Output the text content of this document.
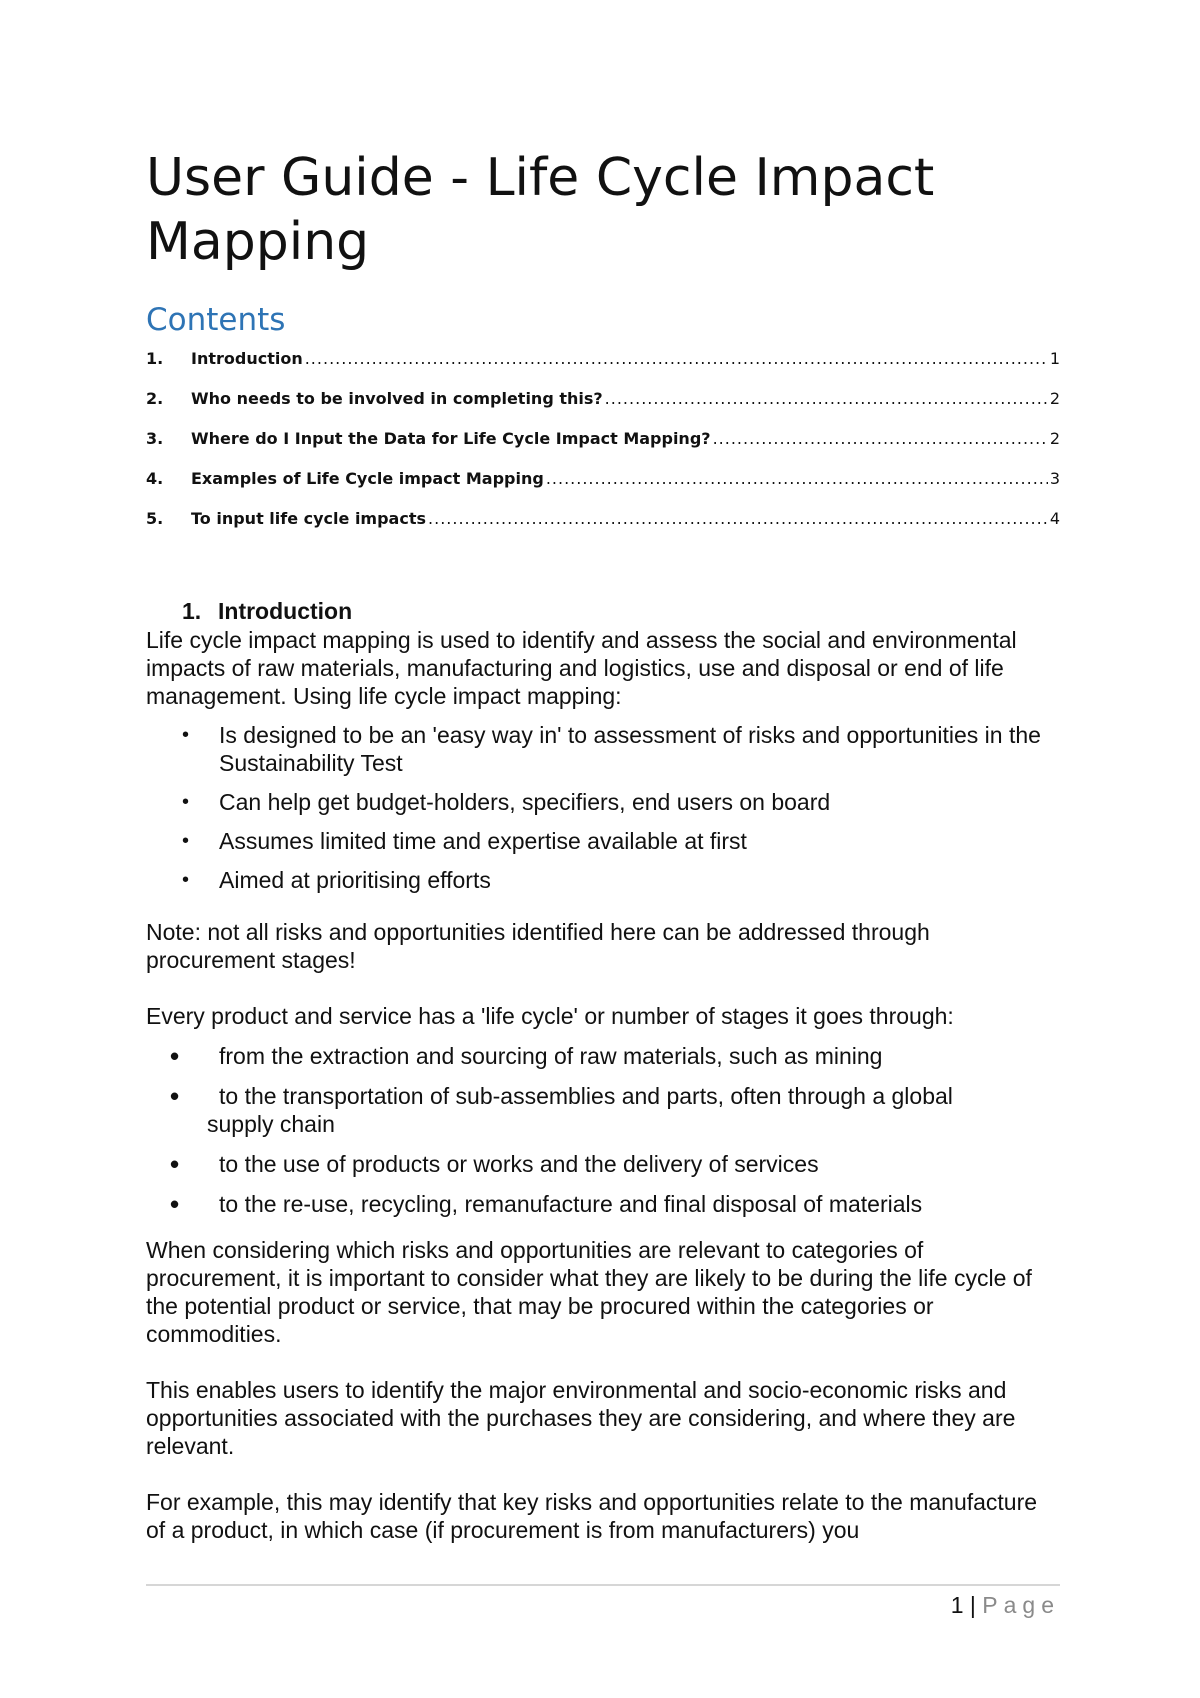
User Guide - Life Cycle Impact Mapping
Contents
1.	Introduction .....	1
2.	Who needs to be involved in completing this? .....	2
3.	Where do I Input the Data for Life Cycle Impact Mapping? .....	2
4.	Examples of Life Cycle impact Mapping .....	3
5.	To input life cycle impacts .....	4
1. Introduction

Life cycle impact mapping is used to identify and assess the social and environmental impacts of raw materials, manufacturing and logistics, use and disposal or end of life management. Using life cycle impact mapping:

• Is designed to be an 'easy way in' to assessment of risks and opportunities in the Sustainability Test
• Can help get budget-holders, specifiers, end users on board
• Assumes limited time and expertise available at first
• Aimed at prioritising efforts

Note: not all risks and opportunities identified here can be addressed through procurement stages!

Every product and service has a 'life cycle' or number of stages it goes through:

• from the extraction and sourcing of raw materials, such as mining
• to the transportation of sub-assemblies and parts, often through a global
supply chain
• to the use of products or works and the delivery of services
• to the re-use, recycling, remanufacture and final disposal of materials

When considering which risks and opportunities are relevant to categories of procurement, it is important to consider what they are likely to be during the life cycle of the potential product or service, that may be procured within the categories or commodities.

This enables users to identify the major environmental and socio-economic risks and opportunities associated with the purchases they are considering, and where they are relevant.

For example, this may identify that key risks and opportunities relate to the manufacture of a product, in which case (if procurement is from manufacturers) you

1 | Page
